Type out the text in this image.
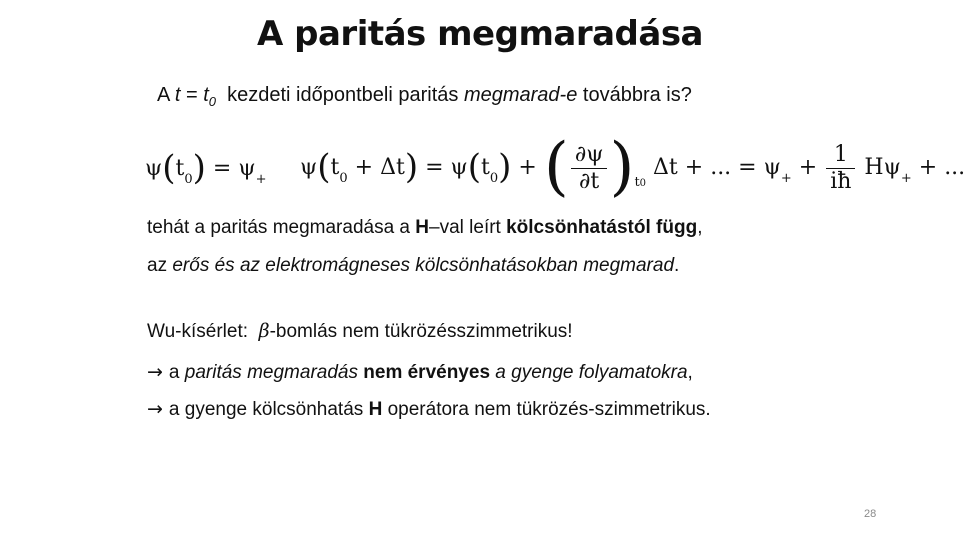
A paritás megmaradása
A $t = t_0$ kezdeti időpontbeli paritás megmarad-e továbbra is?
$\psi(t_0) = \psi_+$ $\psi(t_0 + \Delta t) = \psi(t_0)$ + ( $\frac{\partial\psi}{\partial t} )_{t0}$ Δt + ... = $\psi_+ + \frac{1}{iħ} H\psi_+$ + ...
tehát a paritás megmaradása a H–val leírt kölcsönhatástól függ,
az erős és az elektromágneses kölcsönhatásokban megmarad.
Wu-kísérlet: β-bomlás nem tükrözésszimmetrikus!
→ a paritás megmaradás nem érvényes a gyenge folyamatokra,
→ a gyenge kölcsönhatás H operátora nem tükrözés-szimmetrikus.
28
